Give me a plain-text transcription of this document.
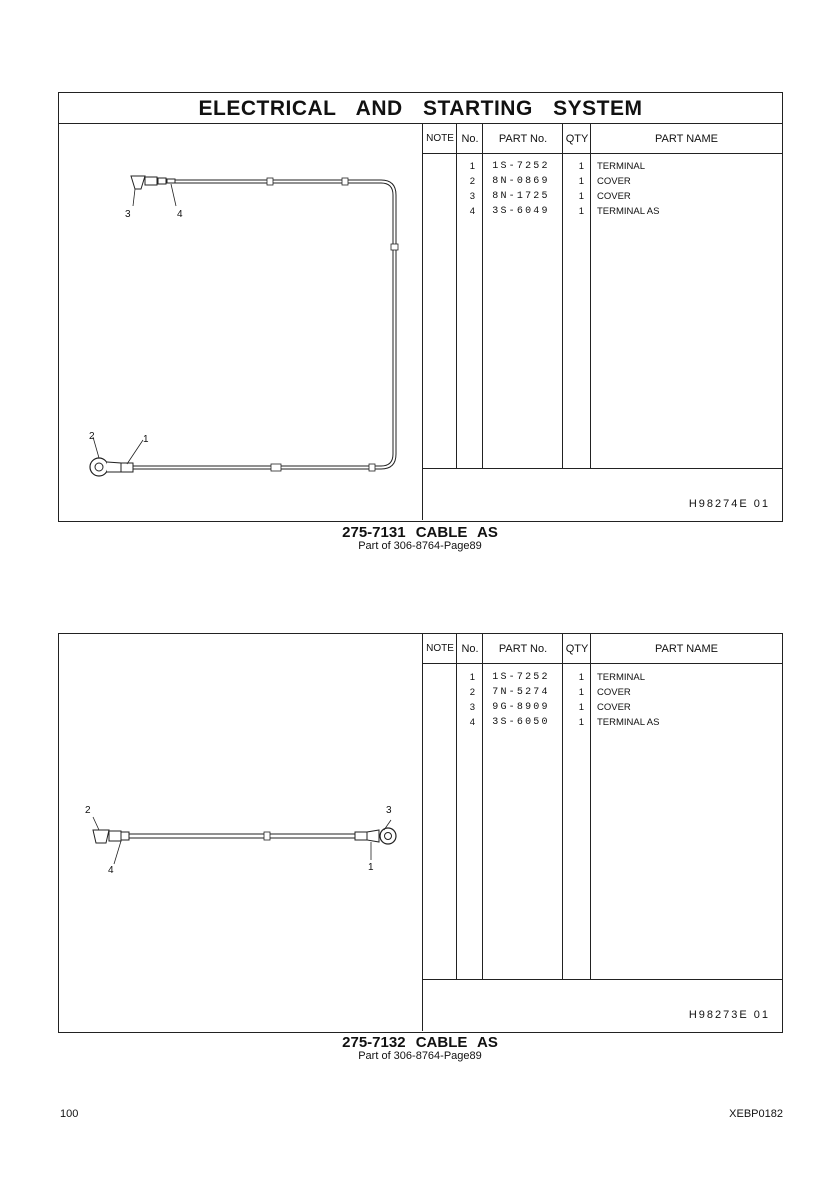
ELECTRICAL AND STARTING SYSTEM
3	4
2	1
NOTE No.	PART No.	QTY	PART NAME
1	1S-7252	1	TERMINAL
2	8N-0869	1	COVER
3	8N-1725	1	COVER
4	3S-6049	1	TERMINAL AS
H98274E 01
275-7131 CABLE AS
Part of 306-8764-Page89
2	3
4	1
NOTE No.	PART No.	QTY	PART NAME
1	1S-7252	1	TERMINAL
2	7N-5274	1	COVER
3	9G-8909	1	COVER
4	3S-6050	1	TERMINAL AS
H98273E 01
275-7132 CABLE AS
Part of 306-8764-Page89
100	XEBP0182
